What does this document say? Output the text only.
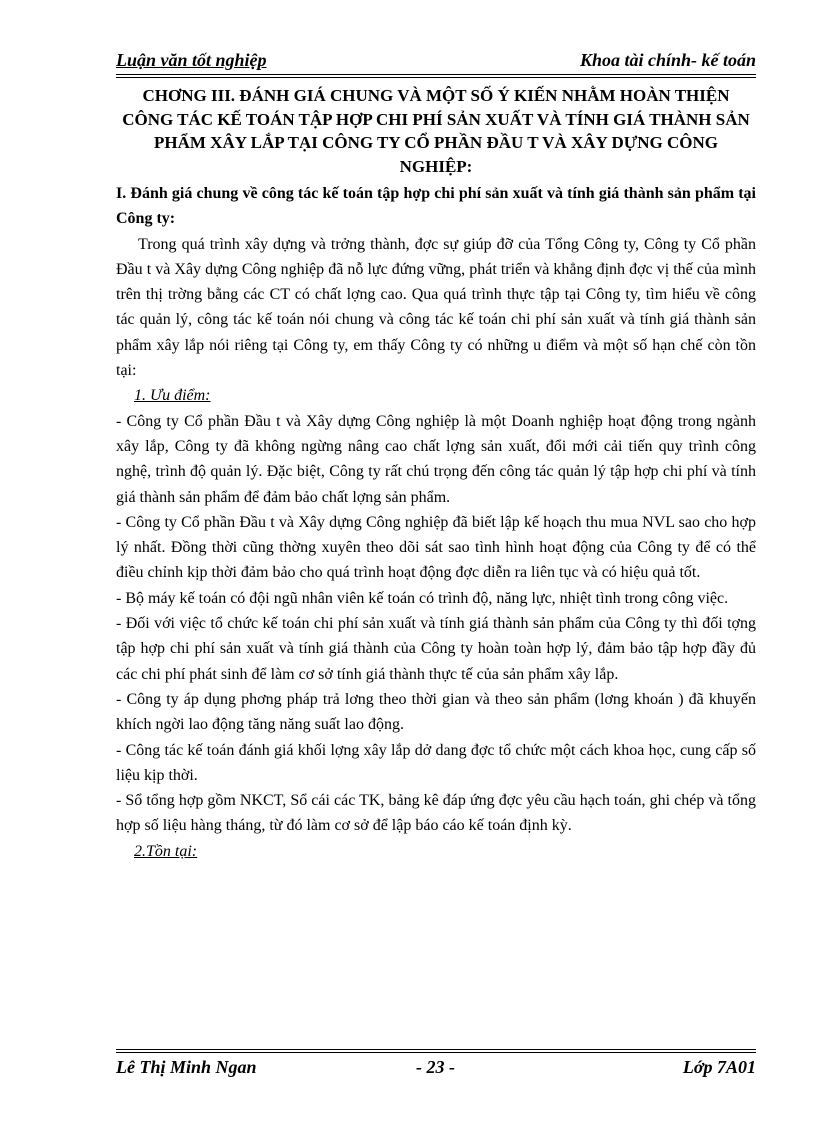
Luận văn tốt nghiệp	Khoa tài chính- kế toán
CHƠNG III. ĐÁNH GIÁ CHUNG VÀ MỘT SỐ Ý KIẾN NHẰM HOÀN THIỆN CÔNG TÁC KẾ TOÁN TẬP HỢP CHI PHÍ SẢN XUẤT VÀ TÍNH GIÁ THÀNH SẢN PHẨM XÂY LẮP TẠI CÔNG TY CỔ PHẦN ĐẦU T VÀ XÂY DỰNG CÔNG NGHIỆP:
I. Đánh giá chung về công tác kế toán tập hợp chi phí sản xuất và tính giá thành sản phẩm tại Công ty:

Trong quá trình xây dựng và trởng thành, đợc sự giúp đỡ của Tổng Công ty, Công ty Cổ phần Đầu t và Xây dựng Công nghiệp đã nỗ lực đứng vững, phát triển và khẳng định đợc vị thế của mình trên thị trờng bằng các CT có chất lợng cao. Qua quá trình thực tập tại Công ty, tìm hiểu về công tác quản lý, công tác kế toán nói chung và công tác kế toán chi phí sản xuất và tính giá thành sản phẩm xây lắp nói riêng tại Công ty, em thấy Công ty có những u điểm và một số hạn chế còn tồn tại:

1. Ưu điểm:

- Công ty Cổ phần Đầu t và Xây dựng Công nghiệp là một Doanh nghiệp hoạt động trong ngành xây lắp, Công ty đã không ngừng nâng cao chất lợng sản xuất, đổi mới cải tiến quy trình công nghệ, trình độ quản lý. Đặc biệt, Công ty rất chú trọng đến công tác quản lý tập hợp chi phí và tính giá thành sản phẩm để đảm bảo chất lợng sản phẩm.

- Công ty Cổ phần Đầu t và Xây dựng Công nghiệp đã biết lập kế hoạch thu mua NVL sao cho hợp lý nhất. Đồng thời cũng thờng xuyên theo dõi sát sao tình hình hoạt động của Công ty để có thể điều chỉnh kịp thời đảm bảo cho quá trình hoạt động đợc diễn ra liên tục và có hiệu quả tốt.

- Bộ máy kế toán có đội ngũ nhân viên kế toán có trình độ, năng lực, nhiệt tình trong công việc.

- Đối với việc tổ chức kế toán chi phí sản xuất và tính giá thành sản phẩm của Công ty thì đối tợng tập hợp chi phí sản xuất và tính giá thành của Công ty hoàn toàn hợp lý, đảm bảo tập hợp đầy đủ các chi phí phát sinh để làm cơ sở tính giá thành thực tế của sản phẩm xây lắp.

- Công ty áp dụng phơng pháp trả lơng theo thời gian và theo sản phẩm (lơng khoán ) đã khuyến khích ngời lao động tăng năng suất lao động.

- Công tác kế toán đánh giá khối lợng xây lắp dở dang đợc tổ chức một cách khoa học, cung cấp số liệu kịp thời.

- Sổ tổng hợp gồm NKCT, Sổ cái các TK, bảng kê đáp ứng đợc yêu cầu hạch toán, ghi chép và tổng hợp số liệu hàng tháng, từ đó làm cơ sở để lập báo cáo kế toán định kỳ.

2.Tồn tại:
Lê Thị Minh Ngan	- 23 -	Lớp 7A01
